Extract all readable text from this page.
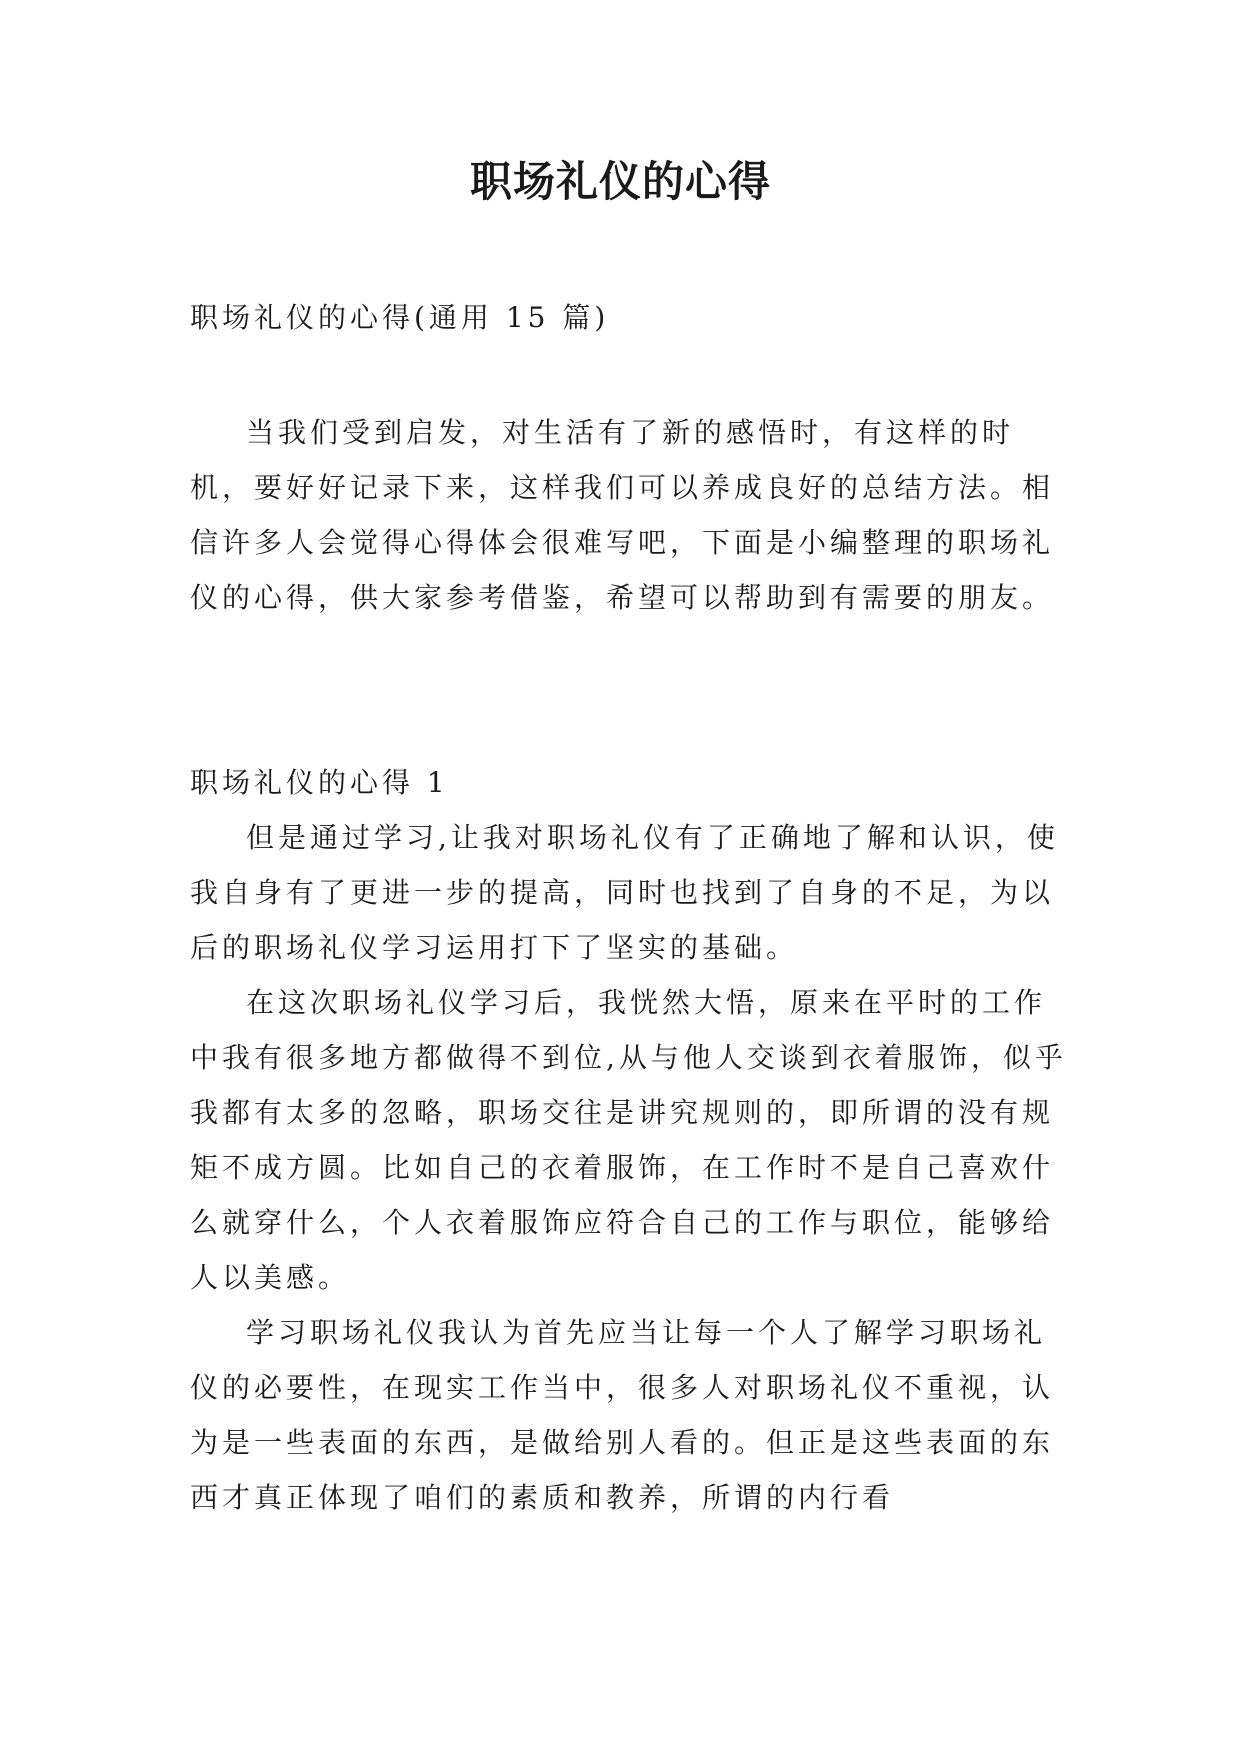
职场礼仪的心得
职场礼仪的心得(通用 15 篇)

当我们受到启发，对生活有了新的感悟时，有这样的时机，要好好记录下来，这样我们可以养成良好的总结方法。相信许多人会觉得心得体会很难写吧，下面是小编整理的职场礼仪的心得，供大家参考借鉴，希望可以帮助到有需要的朋友。

职场礼仪的心得 1

但是通过学习,让我对职场礼仪有了正确地了解和认识，使我自身有了更进一步的提高，同时也找到了自身的不足，为以后的职场礼仪学习运用打下了坚实的基础。

在这次职场礼仪学习后，我恍然大悟，原来在平时的工作中我有很多地方都做得不到位,从与他人交谈到衣着服饰，似乎我都有太多的忽略，职场交往是讲究规则的，即所谓的没有规矩不成方圆。比如自己的衣着服饰，在工作时不是自己喜欢什么就穿什么，个人衣着服饰应符合自己的工作与职位，能够给人以美感。

学习职场礼仪我认为首先应当让每一个人了解学习职场礼仪的必要性，在现实工作当中，很多人对职场礼仪不重视，认为是一些表面的东西，是做给别人看的。但正是这些表面的东西才真正体现了咱们的素质和教养，所谓的内行看
